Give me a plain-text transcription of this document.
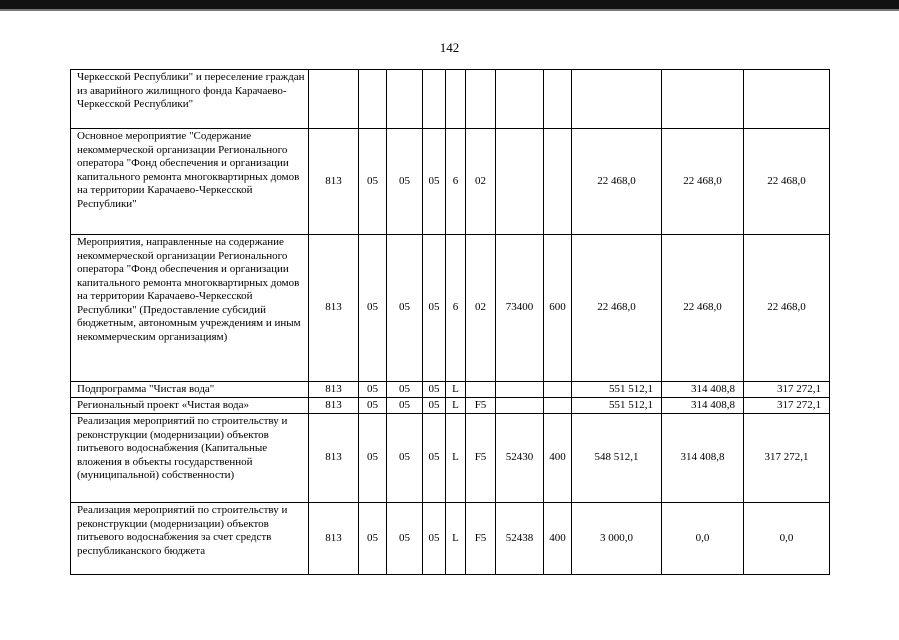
142
Черкесской Республики" и переселение граждан из аварийного жилищного фонда Карачаево-Черкесской Республики"											
Основное мероприятие "Содержание некоммерческой организации Регионального оператора "Фонд обеспечения и организации капитального ремонта многоквартирных домов на территории Карачаево-Черкесской Республики"	813	05	05	05	6	02			22 468,0	22 468,0	22 468,0
Мероприятия, направленные на содержание некоммерческой организации Регионального оператора "Фонд обеспечения и организации капитального ремонта многоквартирных домов на территории Карачаево-Черкесской Республики" (Предоставление субсидий бюджетным, автономным учреждениям и иным некоммерческим организациям)	813	05	05	05	6	02	73400	600	22 468,0	22 468,0	22 468,0
Подпрограмма "Чистая вода"	813	05	05	05	L				551 512,1	314 408,8	317 272,1
Региональный проект «Чистая вода»	813	05	05	05	L	F5			551 512,1	314 408,8	317 272,1
Реализация мероприятий по строительству и реконструкции (модернизации) объектов питьевого водоснабжения (Капитальные вложения в объекты государственной (муниципальной) собственности)	813	05	05	05	L	F5	52430	400	548 512,1	314 408,8	317 272,1
Реализация мероприятий по строительству и реконструкции (модернизации) объектов питьевого водоснабжения за счет средств республиканского бюджета	813	05	05	05	L	F5	52438	400	3 000,0	0,0	0,0
